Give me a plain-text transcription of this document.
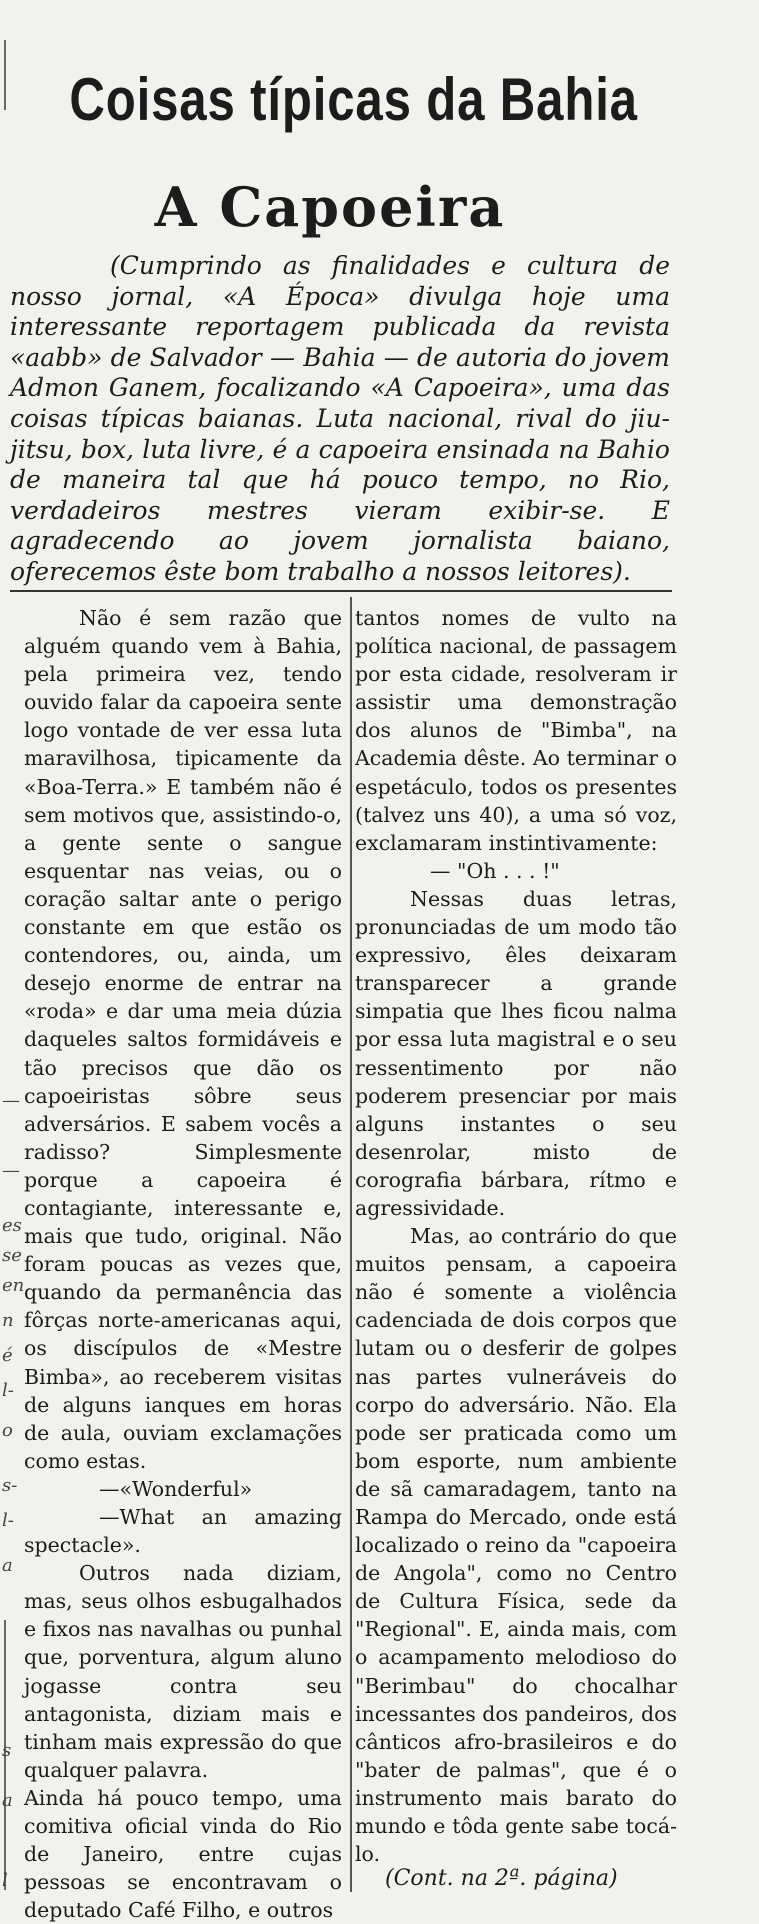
—
—
es
se
en
n
é
l-
o
s-
l-
a
s
a
l
Coisas típicas da Bahia
A Capoeira

(Cumprindo as finalidades e cultura de nosso jornal, «A Época» divulga hoje uma interessante reportagem publicada da revista «aabb» de Salvador — Bahia — de autoria do jovem Admon Ganem, focalizando «A Capoeira», uma das coisas típicas baianas. Luta nacional, rival do jiu-jitsu, box, luta livre, é a capoeira ensinada na Bahio de maneira tal que há pouco tempo, no Rio, verdadeiros mestres vieram exibir-se. E agradecendo ao jovem jornalista baiano, oferecemos êste bom trabalho a nossos leitores).

Não é sem razão que alguém quando vem à Bahia, pela primeira vez, tendo ouvido falar da capoeira sente logo vontade de ver essa luta maravilhosa, tipicamente da «Boa-Terra.» E também não é sem motivos que, assistindo-o, a gente sente o sangue esquentar nas veias, ou o coração saltar ante o perigo constante em que estão os contendores, ou, ainda, um desejo enorme de entrar na «roda» e dar uma meia dúzia daqueles saltos formidáveis e tão precisos que dão os capoeiristas sôbre seus adversários. E sabem vocês a radisso? Simplesmente porque a capoeira é contagiante, interessante e, mais que tudo, original. Não foram poucas as vezes que, quando da permanência das fôrças norte-americanas aqui, os discípulos de «Mestre Bimba», ao receberem visitas de alguns ianques em horas de aula, ouviam exclamações como estas.

—«Wonderful»

—What an amazing spectacle».

Outros nada diziam, mas, seus olhos esbugalhados e fixos nas navalhas ou punhal que, porventura, algum aluno jogasse contra seu antagonista, diziam mais e tinham mais expressão do que qualquer palavra.

Ainda há pouco tempo, uma comitiva oficial vinda do Rio de Janeiro, entre cujas pessoas se encontravam o deputado Café Filho, e outros

tantos nomes de vulto na política nacional, de passagem por esta cidade, resolveram ir assistir uma demonstração dos alunos de "Bimba", na Academia dêste. Ao terminar o espetáculo, todos os presentes (talvez uns 40), a uma só voz, exclamaram instintivamente:

— "Oh . . . !"

Nessas duas letras, pronunciadas de um modo tão expressivo, êles deixaram transparecer a grande simpatia que lhes ficou nalma por essa luta magistral e o seu ressentimento por não poderem presenciar por mais alguns instantes o seu desenrolar, misto de corografia bárbara, rítmo e agressividade.

Mas, ao contrário do que muitos pensam, a capoeira não é somente a violência cadenciada de dois corpos que lutam ou o desferir de golpes nas partes vulneráveis do corpo do adversário. Não. Ela pode ser praticada como um bom esporte, num ambiente de sã camaradagem, tanto na Rampa do Mercado, onde está localizado o reino da "capoeira de Angola", como no Centro de Cultura Física, sede da "Regional". E, ainda mais, com o acampamento melodioso do "Berimbau" do chocalhar incessantes dos pandeiros, dos cânticos afro-brasileiros e do "bater de palmas", que é o instrumento mais barato do mundo e tôda gente sabe tocá-lo.

(Cont. na 2ª. página)
